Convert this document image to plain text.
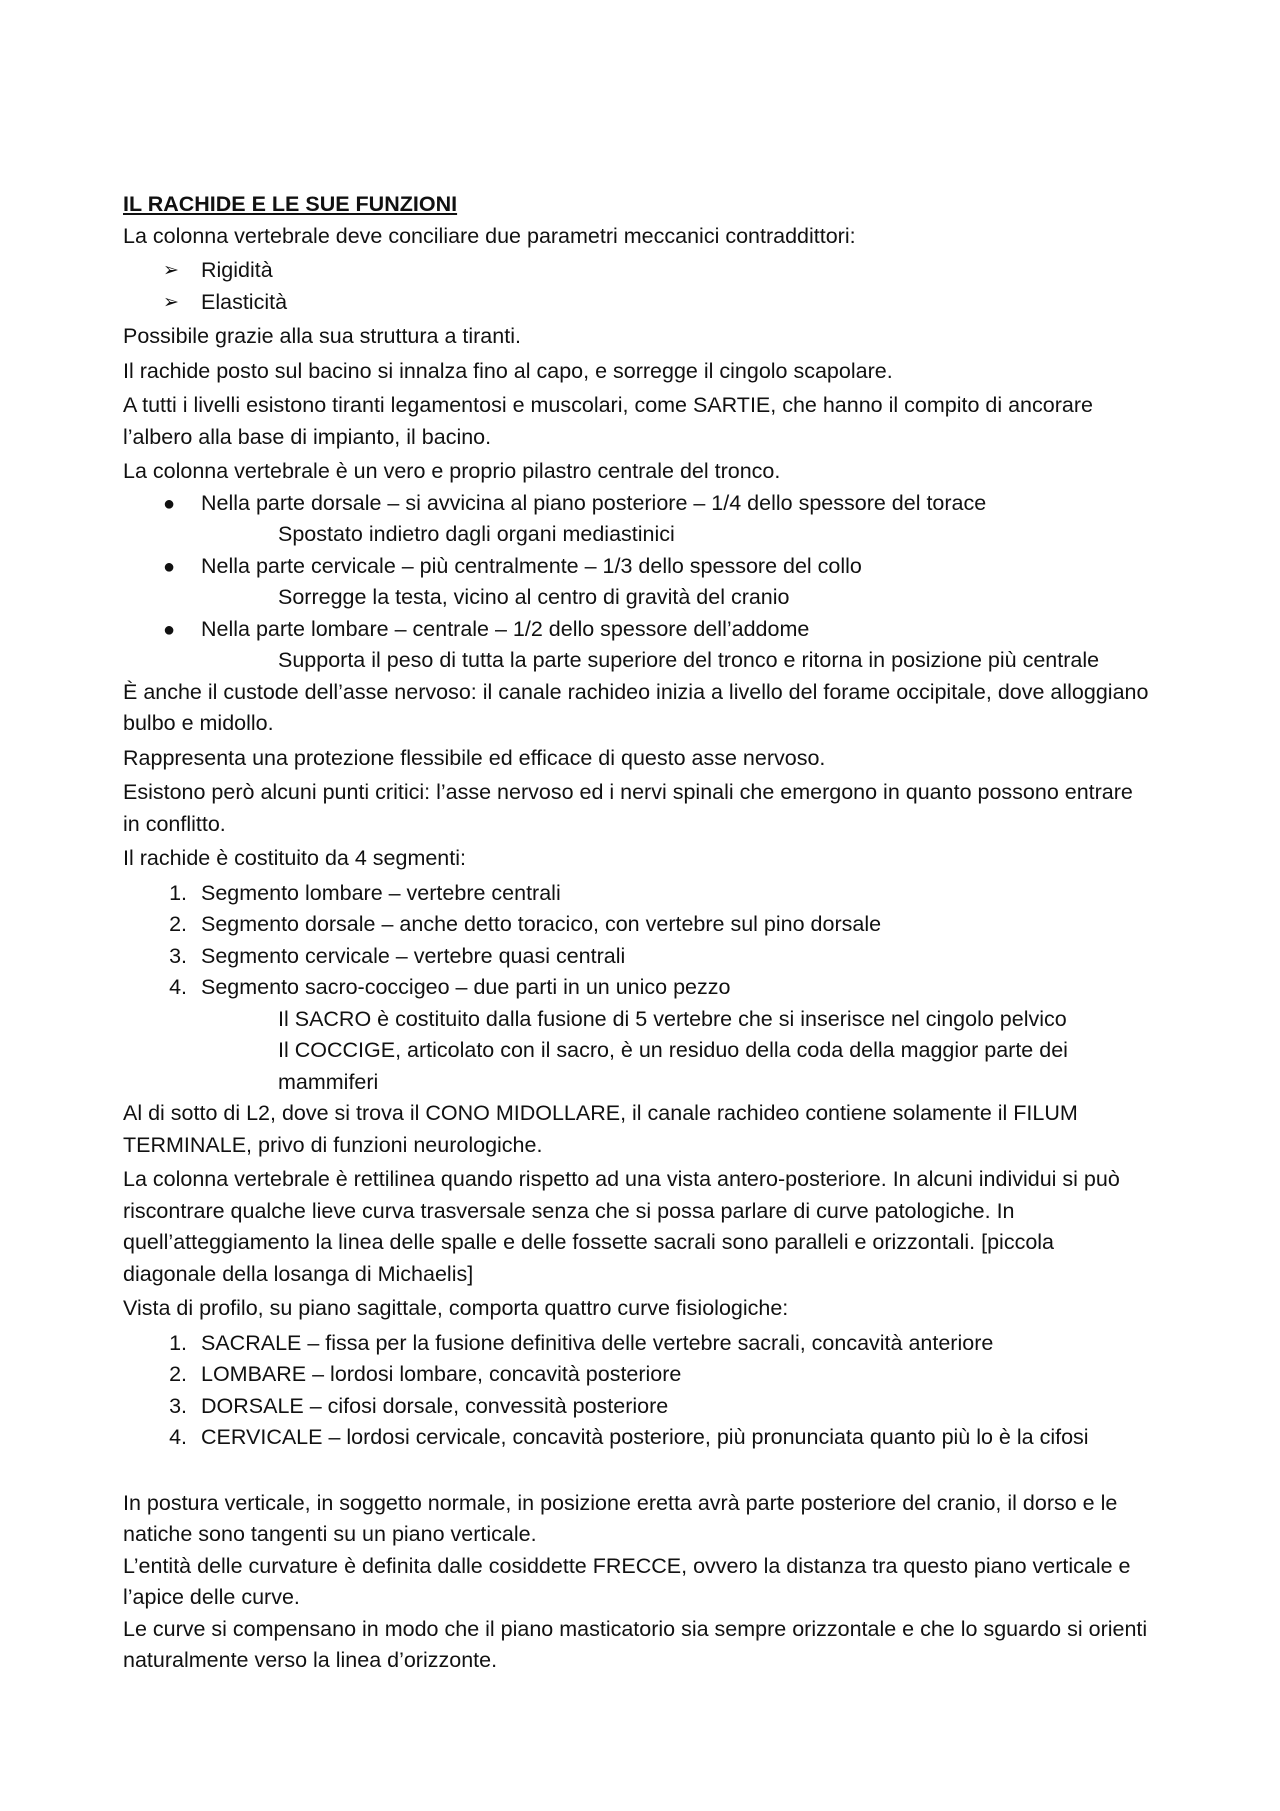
IL RACHIDE E LE SUE FUNZIONI
La colonna vertebrale deve conciliare due parametri meccanici contraddittori:
➢ Rigidità
➢ Elasticità
Possibile grazie alla sua struttura a tiranti.
Il rachide posto sul bacino si innalza fino al capo, e sorregge il cingolo scapolare.
A tutti i livelli esistono tiranti legamentosi e muscolari, come SARTIE, che hanno il compito di ancorare
l’albero alla base di impianto, il bacino.
La colonna vertebrale è un vero e proprio pilastro centrale del tronco.
● Nella parte dorsale – si avvicina al piano posteriore – 1/4 dello spessore del torace
Spostato indietro dagli organi mediastinici
● Nella parte cervicale – più centralmente – 1/3 dello spessore del collo
Sorregge la testa, vicino al centro di gravità del cranio
● Nella parte lombare – centrale – 1/2 dello spessore dell’addome
Supporta il peso di tutta la parte superiore del tronco e ritorna in posizione più centrale
È anche il custode dell’asse nervoso: il canale rachideo inizia a livello del forame occipitale, dove alloggiano
bulbo e midollo.
Rappresenta una protezione flessibile ed efficace di questo asse nervoso.
Esistono però alcuni punti critici: l’asse nervoso ed i nervi spinali che emergono in quanto possono entrare
in conflitto.
Il rachide è costituito da 4 segmenti:
1. Segmento lombare – vertebre centrali
2. Segmento dorsale – anche detto toracico, con vertebre sul pino dorsale
3. Segmento cervicale – vertebre quasi centrali
4. Segmento sacro-coccigeo – due parti in un unico pezzo
Il SACRO è costituito dalla fusione di 5 vertebre che si inserisce nel cingolo pelvico
Il COCCIGE, articolato con il sacro, è un residuo della coda della maggior parte dei
mammiferi
Al di sotto di L2, dove si trova il CONO MIDOLLARE, il canale rachideo contiene solamente il FILUM
TERMINALE, privo di funzioni neurologiche.
La colonna vertebrale è rettilinea quando rispetto ad una vista antero-posteriore. In alcuni individui si può
riscontrare qualche lieve curva trasversale senza che si possa parlare di curve patologiche. In
quell’atteggiamento la linea delle spalle e delle fossette sacrali sono paralleli e orizzontali. [piccola
diagonale della losanga di Michaelis]
Vista di profilo, su piano sagittale, comporta quattro curve fisiologiche:
1. SACRALE – fissa per la fusione definitiva delle vertebre sacrali, concavità anteriore
2. LOMBARE – lordosi lombare, concavità posteriore
3. DORSALE – cifosi dorsale, convessità posteriore
4. CERVICALE – lordosi cervicale, concavità posteriore, più pronunciata quanto più lo è la cifosi
In postura verticale, in soggetto normale, in posizione eretta avrà parte posteriore del cranio, il dorso e le
natiche sono tangenti su un piano verticale.
L’entità delle curvature è definita dalle cosiddette FRECCE, ovvero la distanza tra questo piano verticale e
l’apice delle curve.
Le curve si compensano in modo che il piano masticatorio sia sempre orizzontale e che lo sguardo si orienti
naturalmente verso la linea d’orizzonte.
